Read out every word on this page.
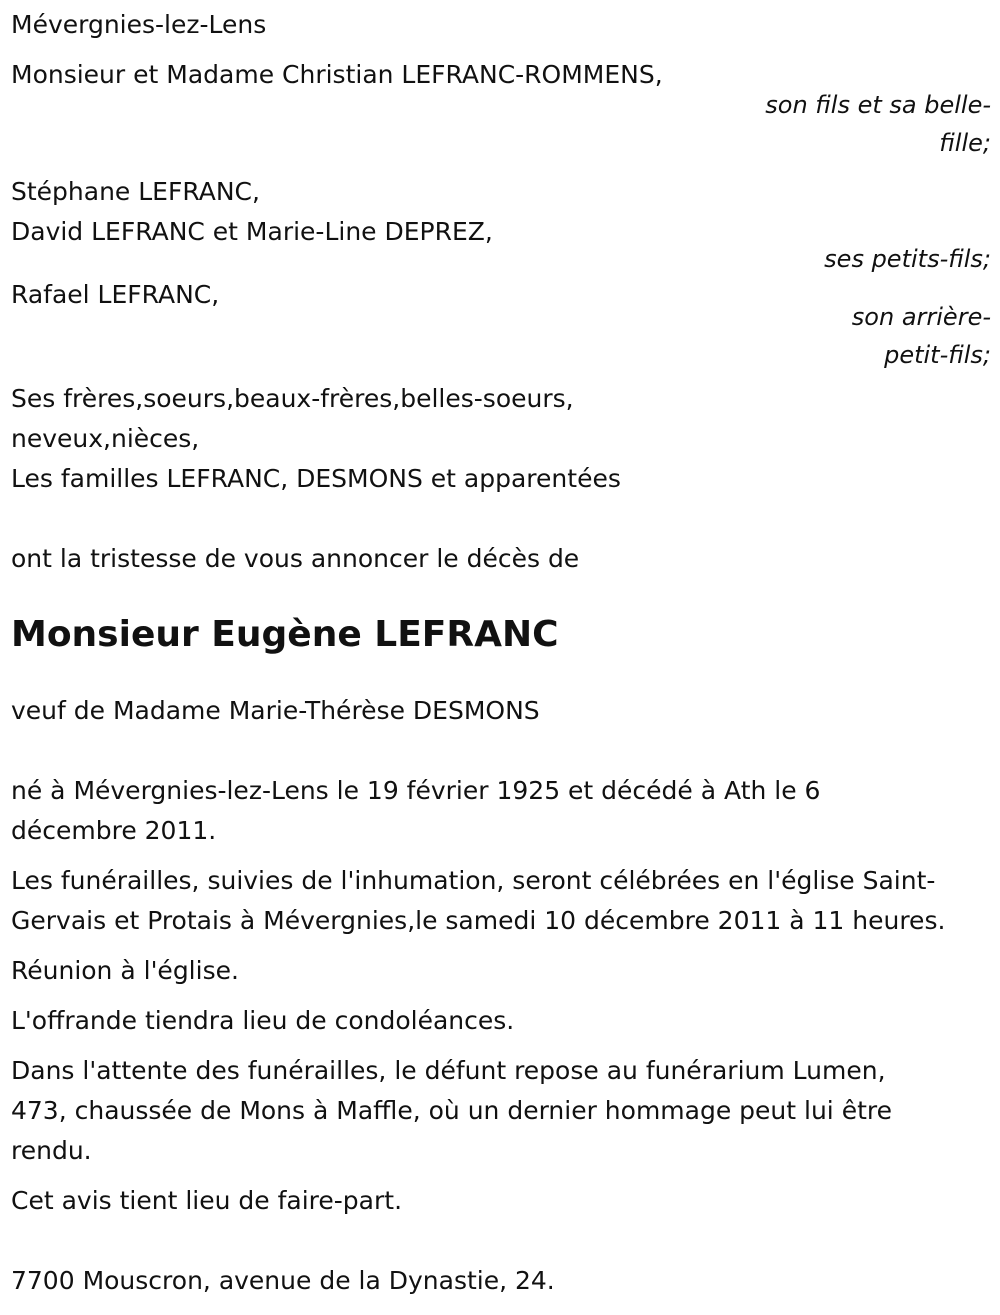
Mévergnies-lez-Lens
Monsieur et Madame Christian LEFRANC-ROMMENS,
son fils et sa belle-
fille;
Stéphane LEFRANC,
David LEFRANC et Marie-Line DEPREZ,
ses petits-fils;
Rafael LEFRANC,
son arrière-
petit-fils;
Ses frères,soeurs,beaux-frères,belles-soeurs,
neveux,nièces,
Les familles LEFRANC, DESMONS et apparentées
ont la tristesse de vous annoncer le décès de
Monsieur Eugène LEFRANC
veuf de Madame Marie-Thérèse DESMONS
né à Mévergnies-lez-Lens le 19 février 1925 et décédé à Ath le 6
décembre 2011.
Les funérailles, suivies de l'inhumation, seront célébrées en l'église Saint-
Gervais et Protais à Mévergnies,le samedi 10 décembre 2011 à 11 heures.
Réunion à l'église.
L'offrande tiendra lieu de condoléances.
Dans l'attente des funérailles, le défunt repose au funérarium Lumen,
473, chaussée de Mons à Maffle, où un dernier hommage peut lui être
rendu.
Cet avis tient lieu de faire-part.
7700 Mouscron, avenue de la Dynastie, 24.
